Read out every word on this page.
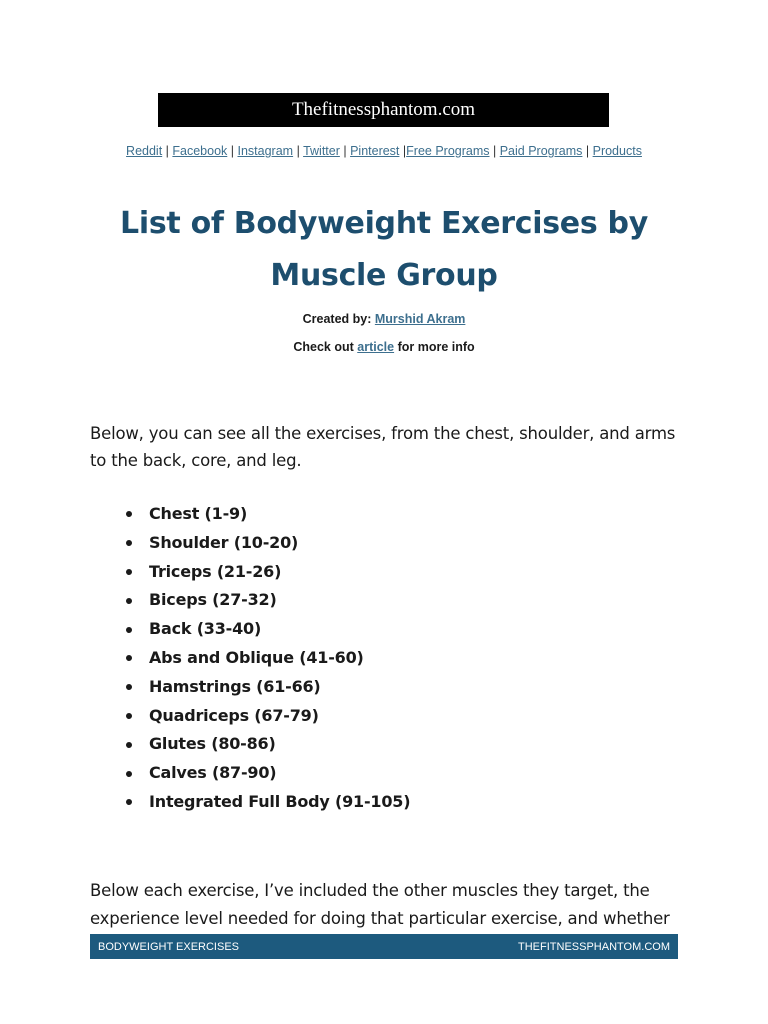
Thefitnessphantom.com
Reddit | Facebook | Instagram | Twitter | Pinterest |Free Programs | Paid Programs | Products
List of Bodyweight Exercises by Muscle Group
Created by: Murshid Akram
Check out article for more info

Below, you can see all the exercises, from the chest, shoulder, and arms to the back, core, and leg.

Chest (1-9)
Shoulder (10-20)
Triceps (21-26)
Biceps (27-32)
Back (33-40)
Abs and Oblique (41-60)
Hamstrings (61-66)
Quadriceps (67-79)
Glutes (80-86)
Calves (87-90)
Integrated Full Body (91-105)

Below each exercise, I’ve included the other muscles they target, the experience level needed for doing that particular exercise, and whether

BODYWEIGHT EXERCISES	THEFITNESSPHANTOM.COM
